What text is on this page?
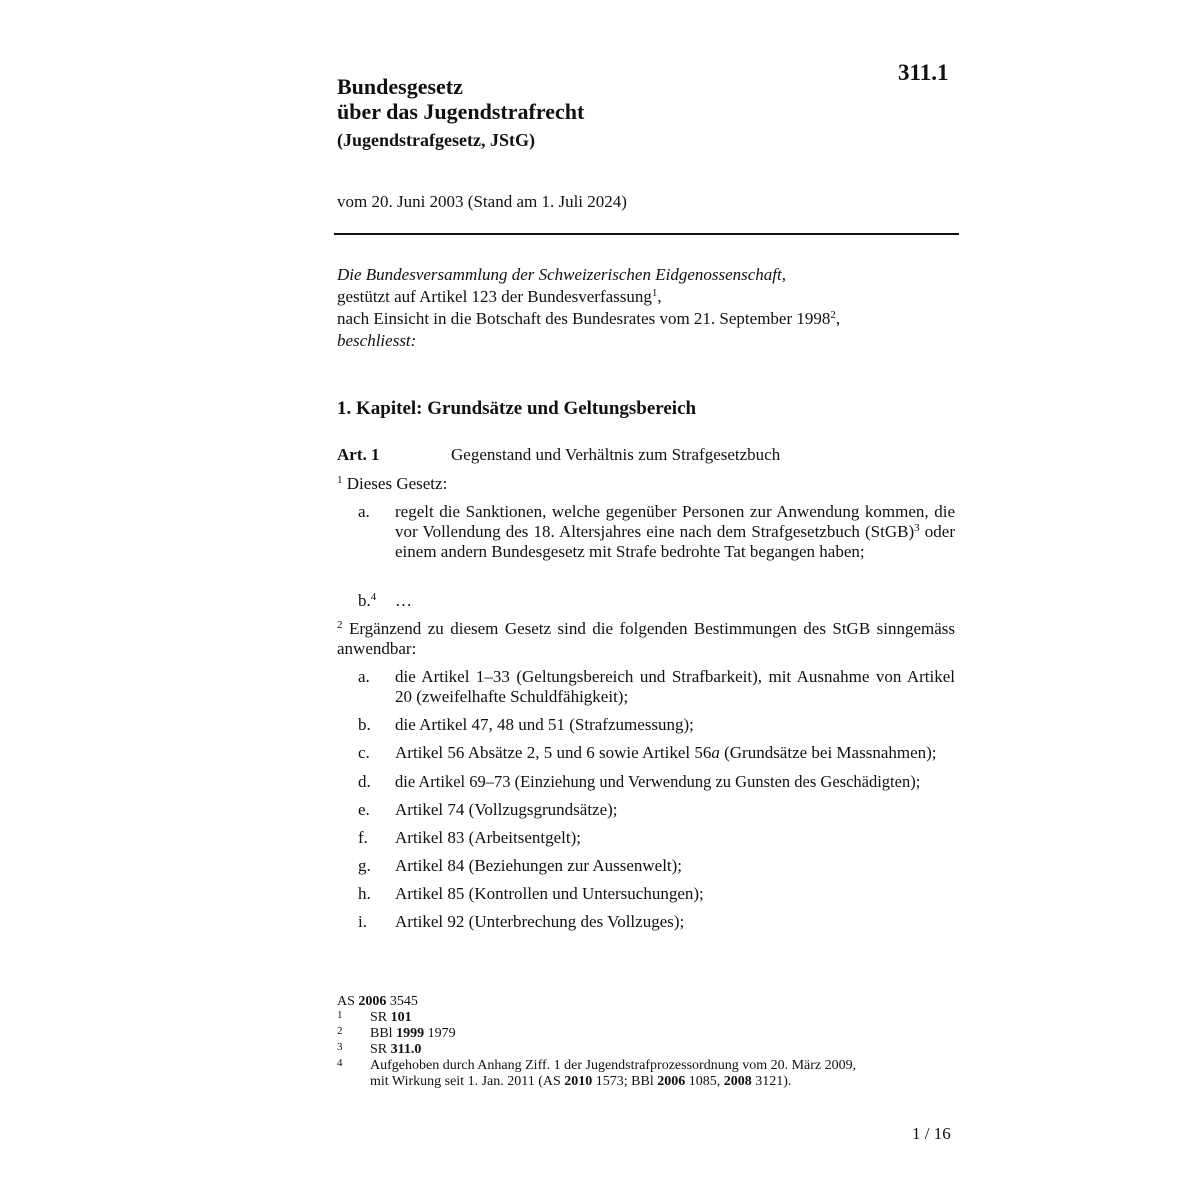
311.1
Bundesgesetz
über das Jugendstrafrecht
(Jugendstrafgesetz, JStG)
vom 20. Juni 2003 (Stand am 1. Juli 2024)
Die Bundesversammlung der Schweizerischen Eidgenossenschaft,
gestützt auf Artikel 123 der Bundesverfassung$^1$,
nach Einsicht in die Botschaft des Bundesrates vom 21. September 1998$^2$,
beschliesst:
1. Kapitel: Grundsätze und Geltungsbereich
Art. 1	Gegenstand und Verhältnis zum Strafgesetzbuch
$^1$ Dieses Gesetz:
a. regelt die Sanktionen, welche gegenüber Personen zur Anwendung kommen, die vor Vollendung des 18. Altersjahres eine nach dem Strafgesetzbuch (StGB)$^3$ oder einem andern Bundesgesetz mit Strafe bedrohte Tat begangen haben;
b.$^4$ …
$^2$ Ergänzend zu diesem Gesetz sind die folgenden Bestimmungen des StGB sinngemäss anwendbar:
a. die Artikel 1–33 (Geltungsbereich und Strafbarkeit), mit Ausnahme von Artikel 20 (zweifelhafte Schuldfähigkeit);
b. die Artikel 47, 48 und 51 (Strafzumessung);
c. Artikel 56 Absätze 2, 5 und 6 sowie Artikel 56a (Grundsätze bei Massnahmen);
d. die Artikel 69–73 (Einziehung und Verwendung zu Gunsten des Geschädigten);
e. Artikel 74 (Vollzugsgrundsätze);
f. Artikel 83 (Arbeitsentgelt);
g. Artikel 84 (Beziehungen zur Aussenwelt);
h. Artikel 85 (Kontrollen und Untersuchungen);
i. Artikel 92 (Unterbrechung des Vollzuges);
AS 2006 3545
1 SR 101
2 BBl 1999 1979
3 SR 311.0
4 Aufgehoben durch Anhang Ziff. 1 der Jugendstrafprozessordnung vom 20. März 2009,
mit Wirkung seit 1. Jan. 2011 (AS 2010 1573; BBl 2006 1085, 2008 3121).
1 / 16
